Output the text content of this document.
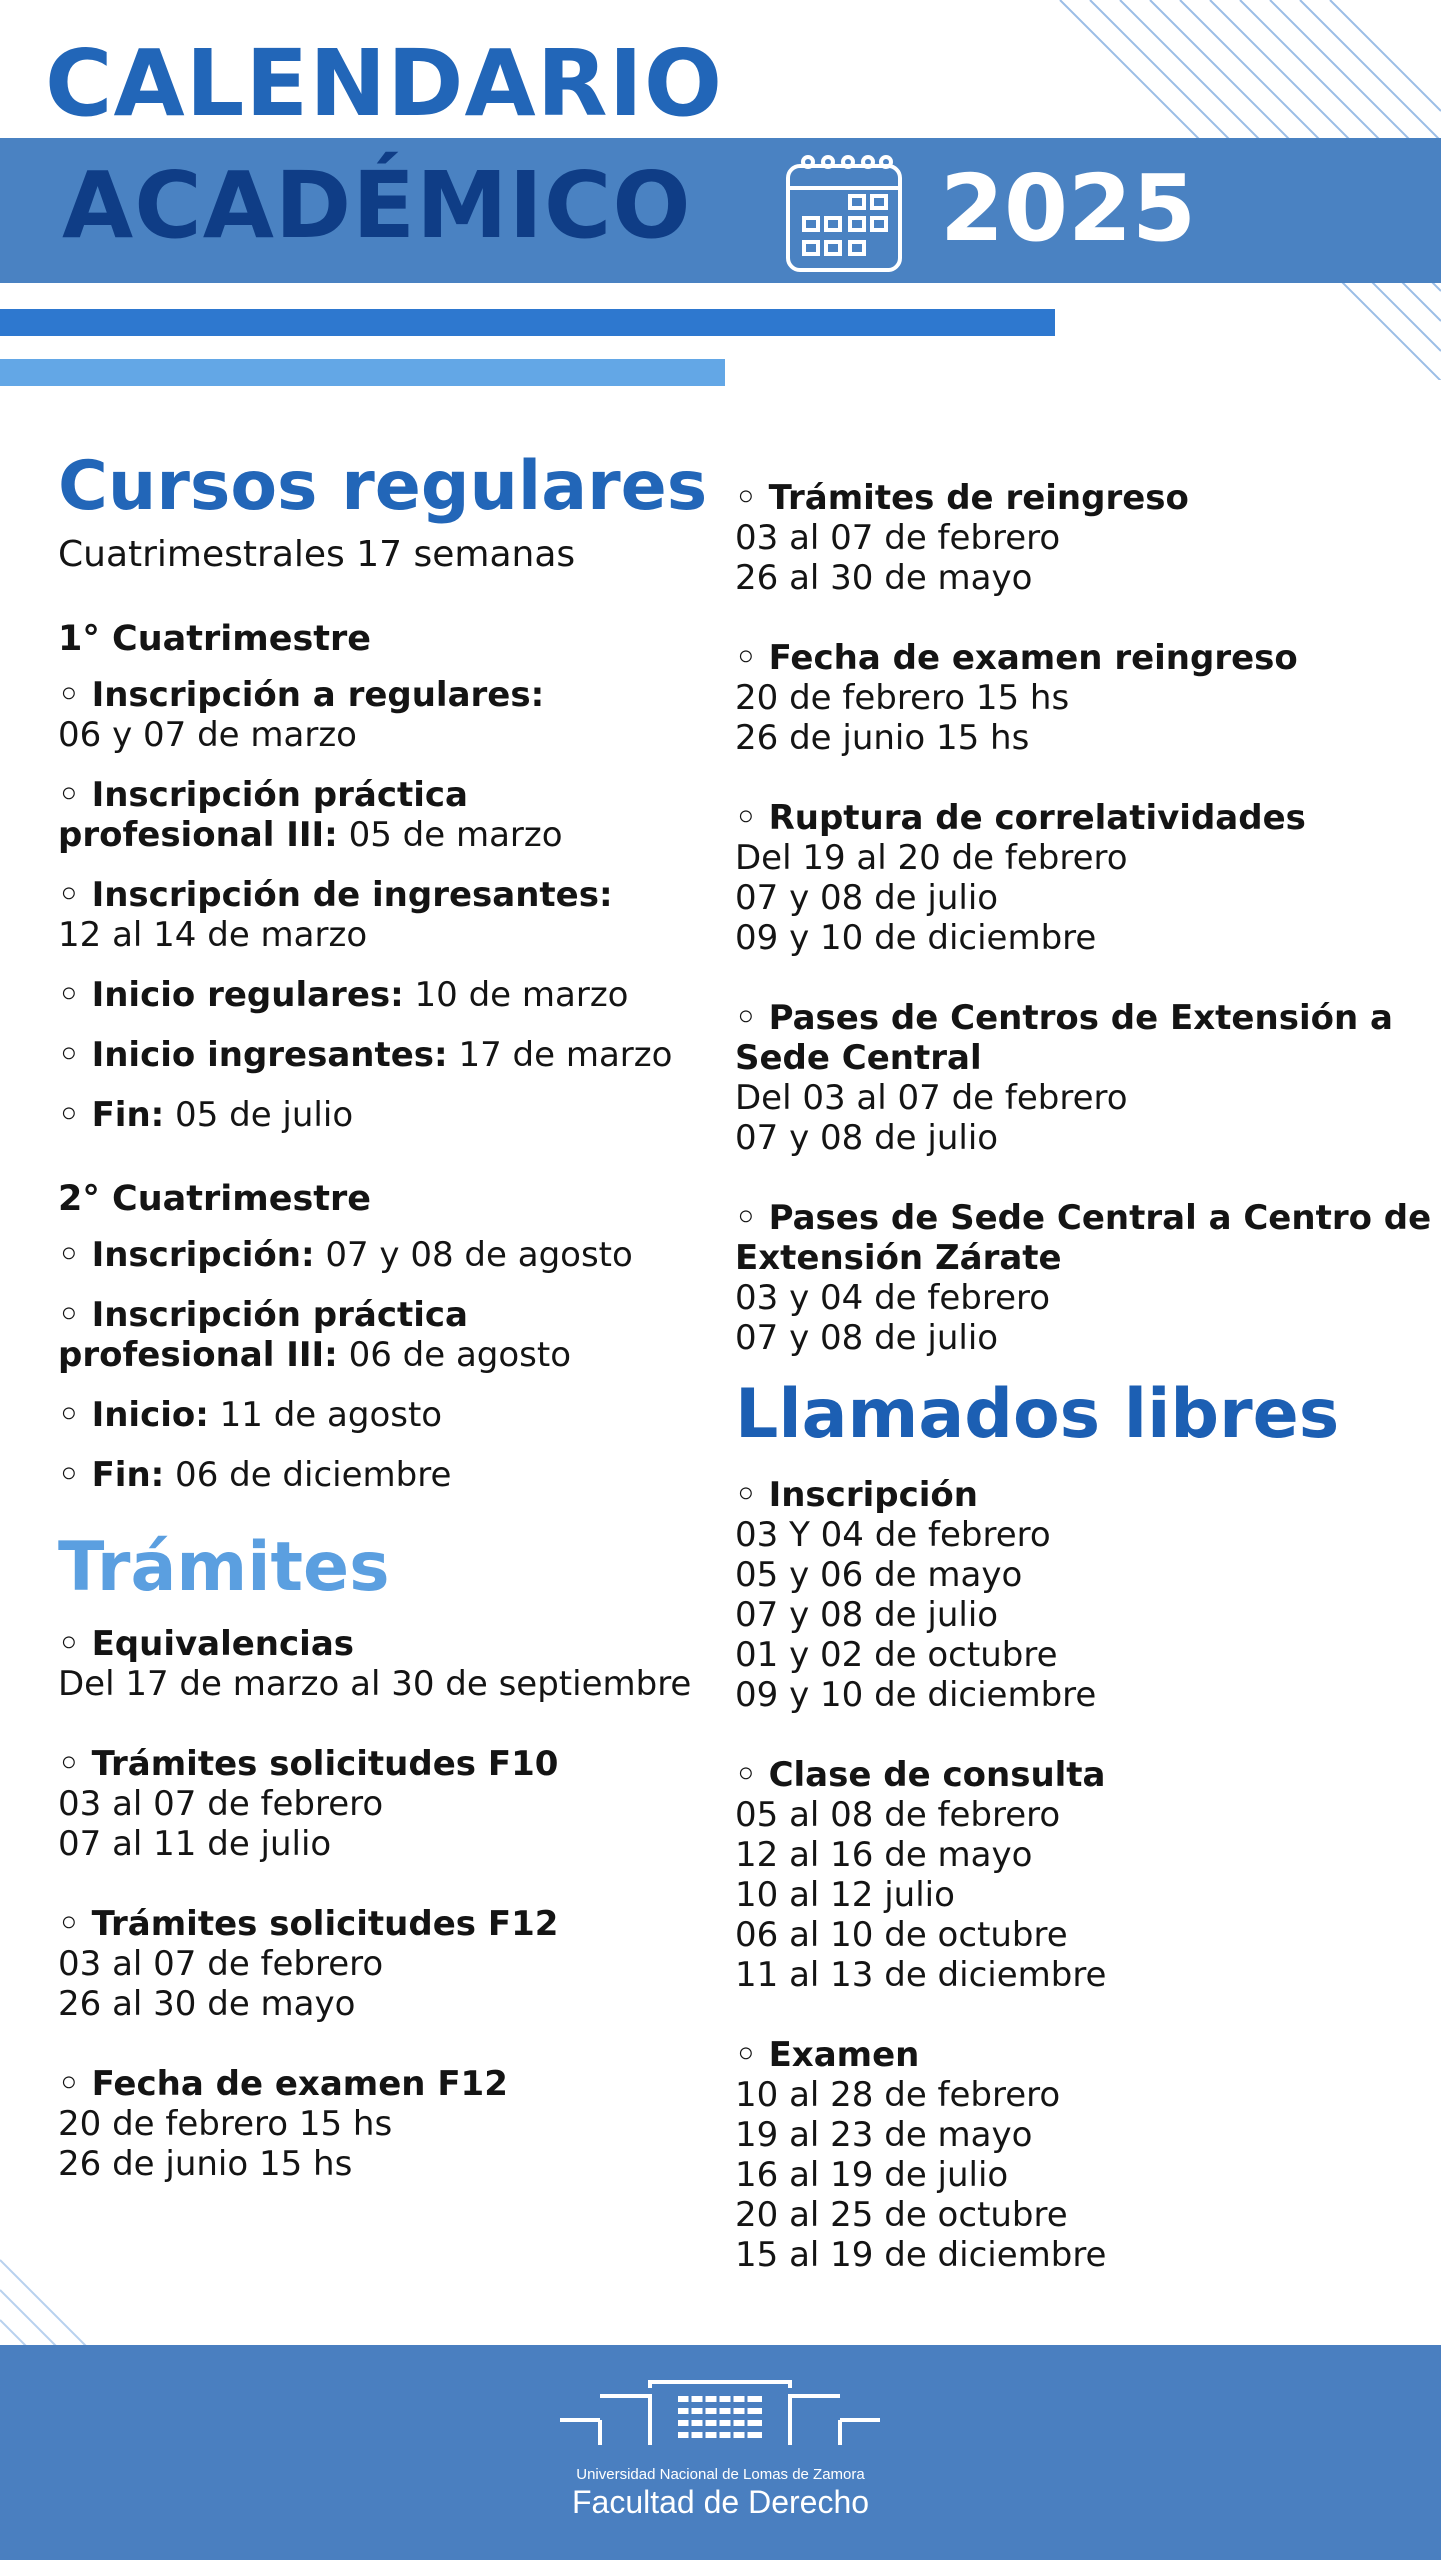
CALENDARIO
ACADÉMICO	2025
Cursos regulares
Cuatrimestrales 17 semanas
1° Cuatrimestre
◦ Inscripción a regulares:
06 y 07 de marzo
◦ Inscripción práctica
profesional III: 05 de marzo
◦ Inscripción de ingresantes:
12 al 14 de marzo
◦ Inicio regulares: 10 de marzo
◦ Inicio ingresantes: 17 de marzo
◦ Fin: 05 de julio
2° Cuatrimestre
◦ Inscripción: 07 y 08 de agosto
◦ Inscripción práctica
profesional III: 06 de agosto
◦ Inicio: 11 de agosto
◦ Fin: 06 de diciembre
Trámites
◦ Equivalencias
Del 17 de marzo al 30 de septiembre
◦ Trámites solicitudes F10
03 al 07 de febrero
07 al 11 de julio
◦ Trámites solicitudes F12
03 al 07 de febrero
26 al 30 de mayo
◦ Fecha de examen F12
20 de febrero 15 hs
26 de junio 15 hs
◦ Trámites de reingreso
03 al 07 de febrero
26 al 30 de mayo
◦ Fecha de examen reingreso
20 de febrero 15 hs
26 de junio 15 hs
◦ Ruptura de correlatividades
Del 19 al 20 de febrero
07 y 08 de julio
09 y 10 de diciembre
◦ Pases de Centros de Extensión a
Sede Central
Del 03 al 07 de febrero
07 y 08 de julio
◦ Pases de Sede Central a Centro de
Extensión Zárate
03 y 04 de febrero
07 y 08 de julio
Llamados libres
◦ Inscripción
03 Y 04 de febrero
05 y 06 de mayo
07 y 08 de julio
01 y 02 de octubre
09 y 10 de diciembre
◦ Clase de consulta
05 al 08 de febrero
12 al 16 de mayo
10 al 12 julio
06 al 10 de octubre
11 al 13 de diciembre
◦ Examen
10 al 28 de febrero
19 al 23 de mayo
16 al 19 de julio
20 al 25 de octubre
15 al 19 de diciembre
Universidad Nacional de Lomas de Zamora
Facultad de Derecho
